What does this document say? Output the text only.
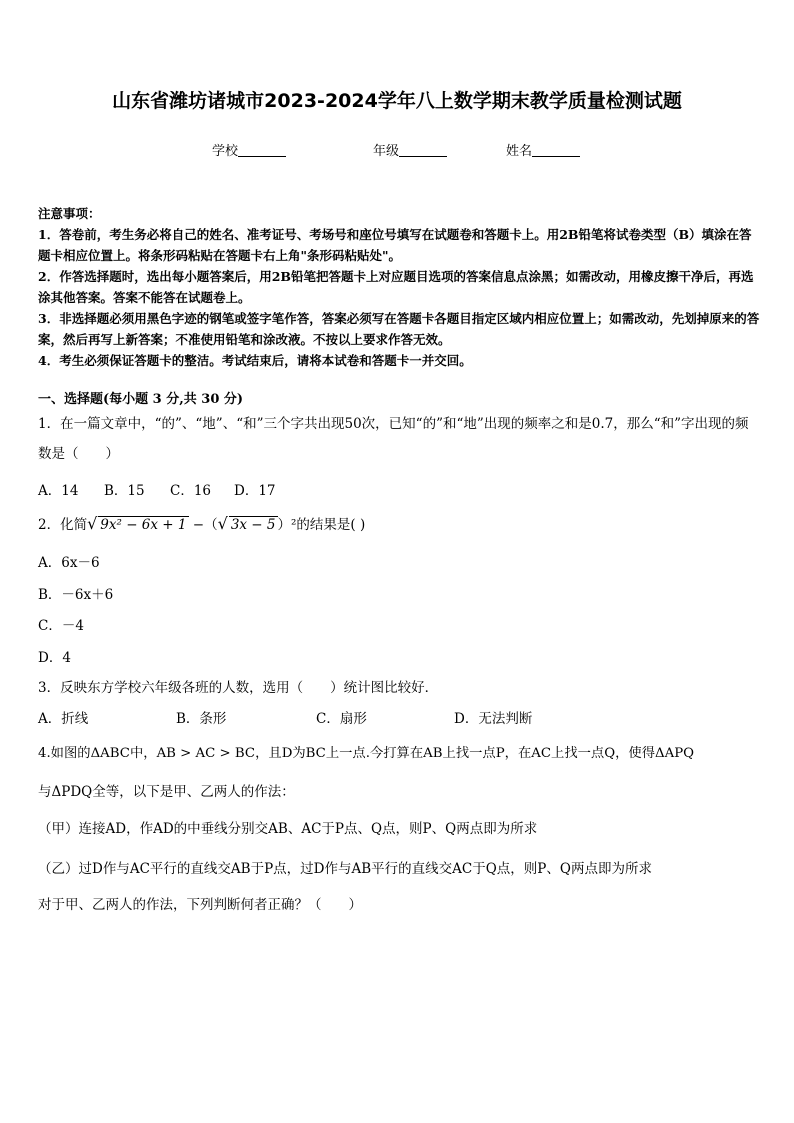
山东省潍坊诸城市2023-2024学年八上数学期末教学质量检测试题
学校	年级	姓名
注意事项：
1．答卷前，考生务必将自己的姓名、准考证号、考场号和座位号填写在试题卷和答题卡上。用2B铅笔将试卷类型（B）填涂在答题卡相应位置上。将条形码粘贴在答题卡右上角"条形码粘贴处"。
2．作答选择题时，选出每小题答案后，用2B铅笔把答题卡上对应题目选项的答案信息点涂黑；如需改动，用橡皮擦干净后，再选涂其他答案。答案不能答在试题卷上。
3．非选择题必须用黑色字迹的钢笔或签字笔作答，答案必须写在答题卡各题目指定区域内相应位置上；如需改动，先划掉原来的答案，然后再写上新答案；不准使用铅笔和涂改液。不按以上要求作答无效。
4．考生必须保证答题卡的整洁。考试结束后，请将本试卷和答题卡一并交回。
一、选择题(每小题 3 分,共 30 分)
1．在一篇文章中，“的”、“地”、“和”三个字共出现50次，已知“的”和“地”出现的频率之和是0.7，那么“和”字出现的频数是（　　）
A．14 B．15 C．16 D．17
2．化简√ 9x² − 6x + 1 −（√ 3x − 5 ）²的结果是( )
A．6x－6
B．－6x＋6
C．－4
D．4
3．反映东方学校六年级各班的人数，选用（　　）统计图比较好．
A．折线	B．条形	C．扇形	D．无法判断
4.如图的ΔABC中，AB > AC > BC，且D为BC上一点.今打算在AB上找一点P，在AC上找一点Q，使得ΔAPQ
与ΔPDQ全等，以下是甲、乙两人的作法：
（甲）连接AD，作AD的中垂线分别交AB、AC于P点、Q点，则P、Q两点即为所求
（乙）过D作与AC平行的直线交AB于P点，过D作与AB平行的直线交AC于Q点，则P、Q两点即为所求
对于甲、乙两人的作法，下列判断何者正确？（　　）
